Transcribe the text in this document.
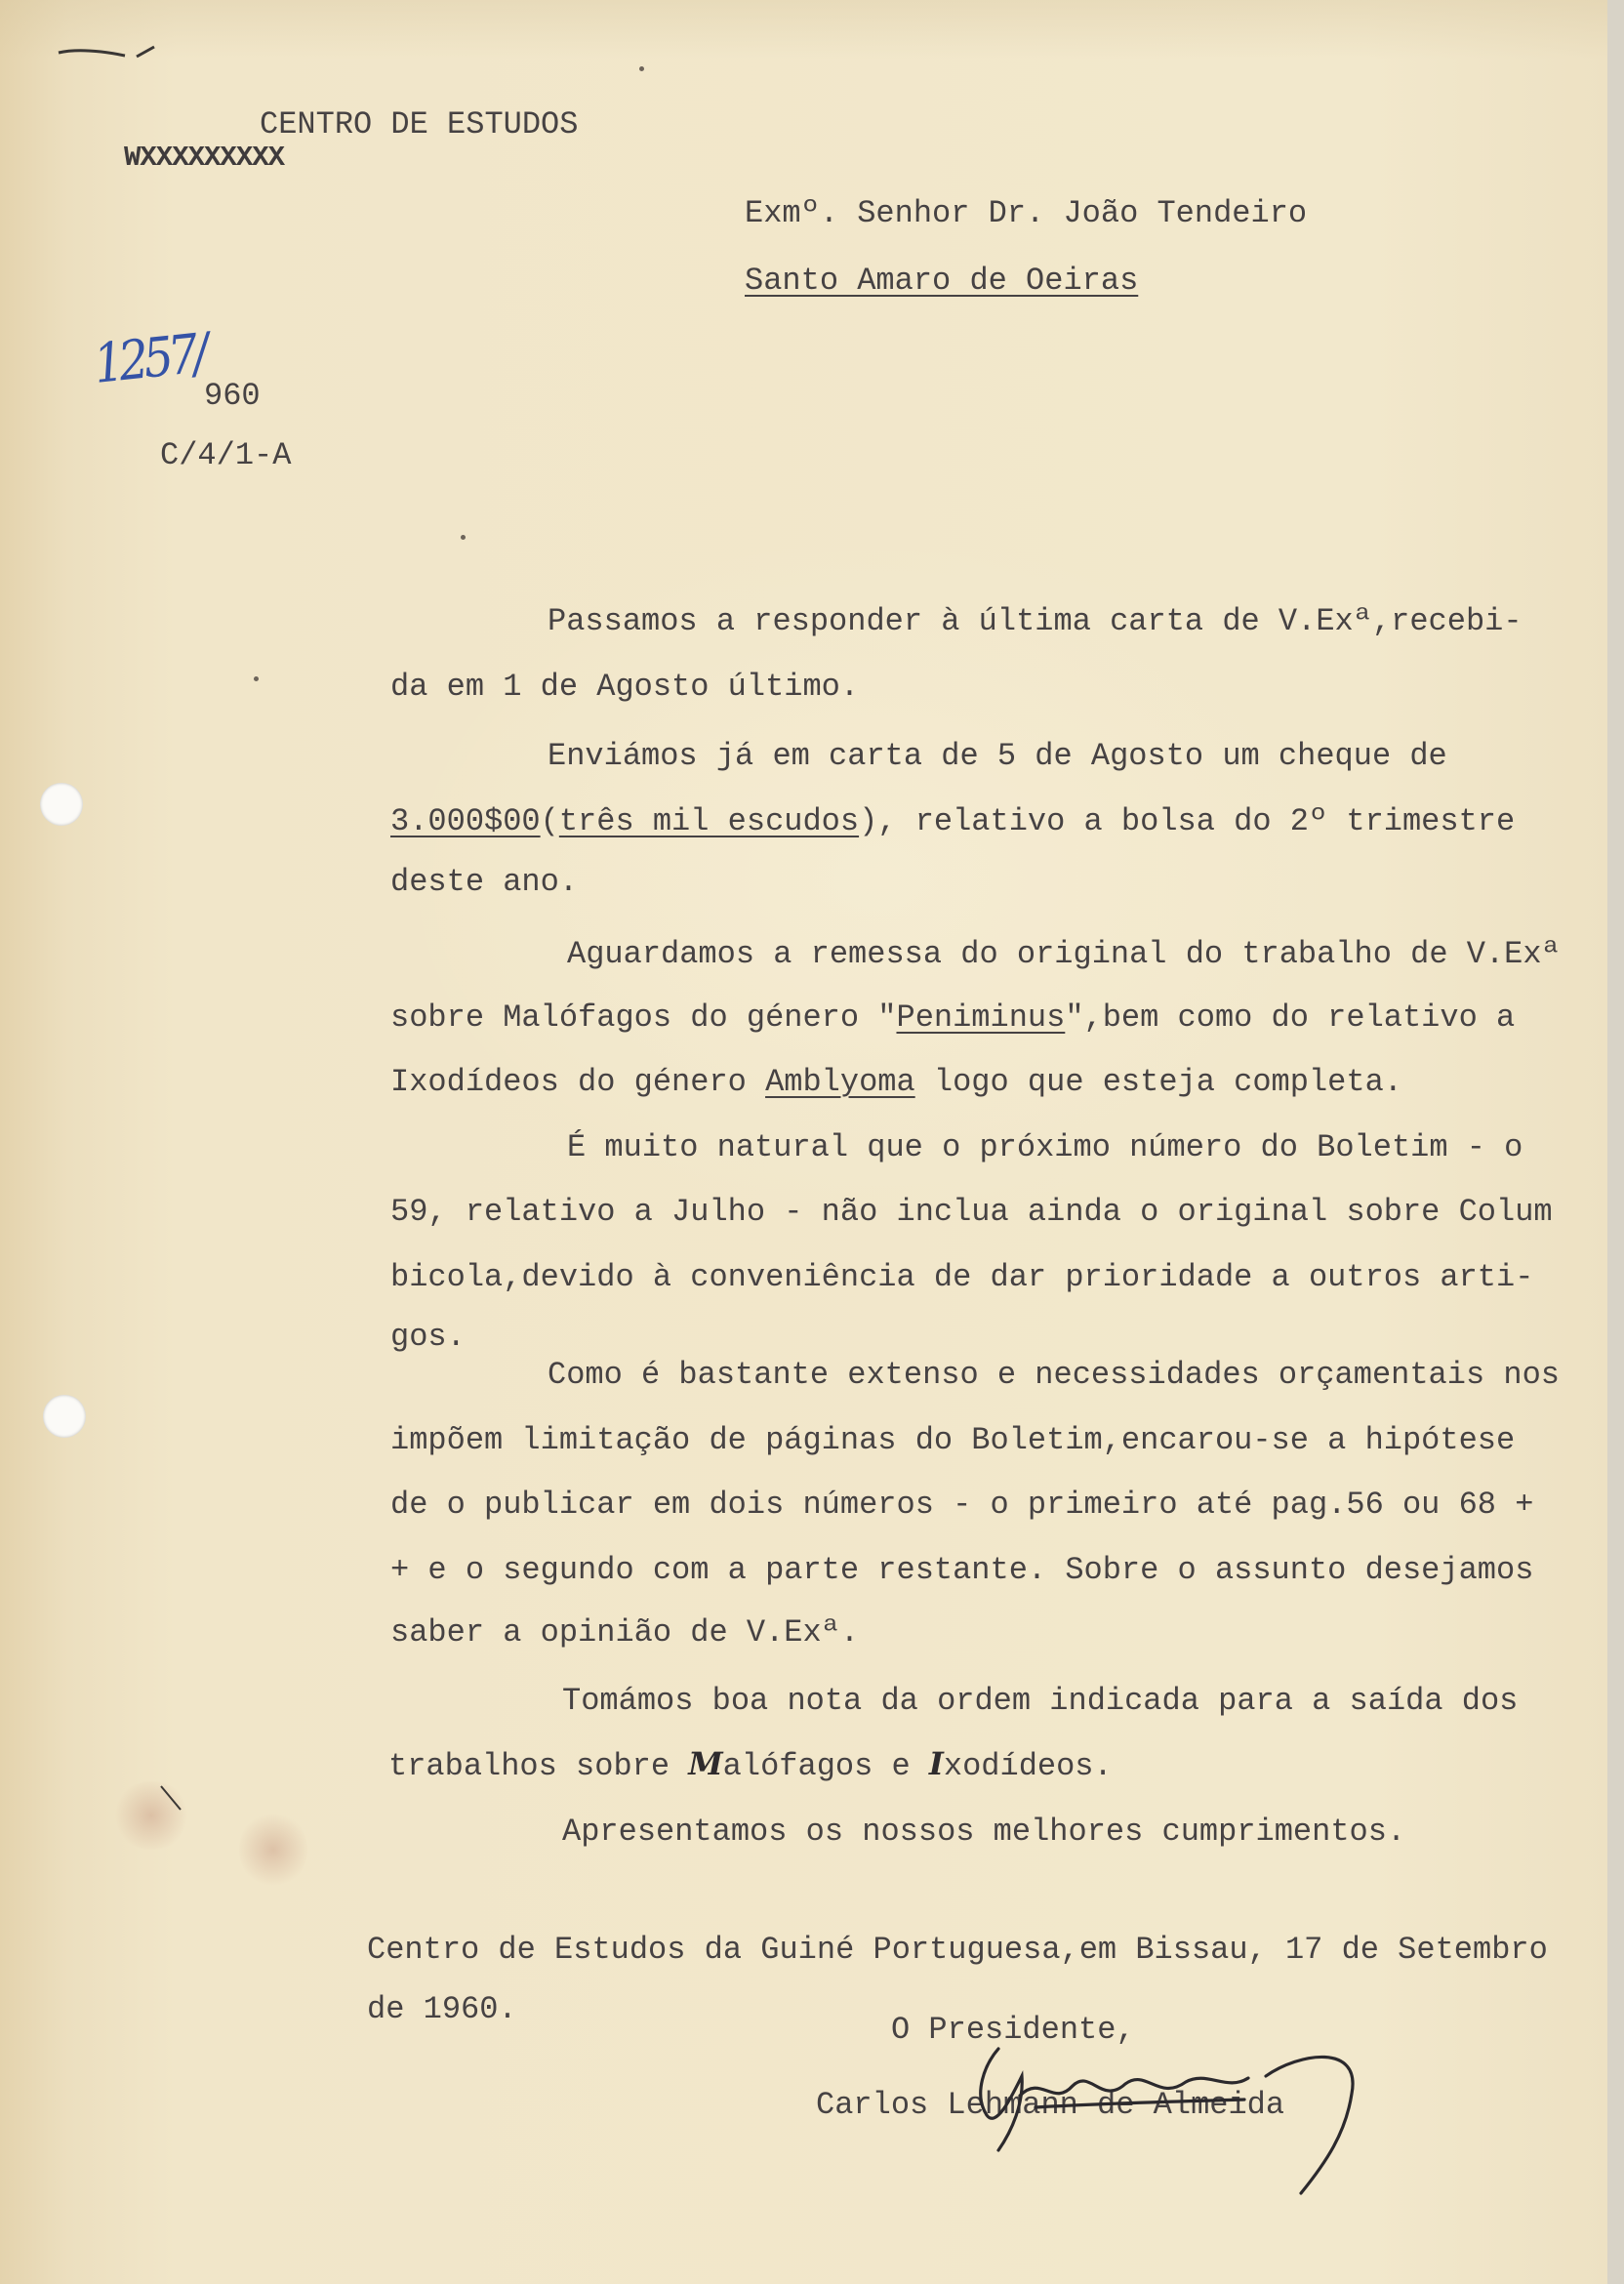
CENTRO DE ESTUDOS
WXXXXXXXXX
Exmº. Senhor Dr. João Tendeiro
Santo Amaro de Oeiras
1257/
960
C/4/1-A
Passamos a responder à última carta de V.Exª,recebi-
da em 1 de Agosto último.
Enviámos já em carta de 5 de Agosto um cheque de
3.000$00(três mil escudos), relativo a bolsa do 2º trimestre
deste ano.
Aguardamos a remessa do original do trabalho de V.Exª
sobre Malófagos do género "Peniminus",bem como do relativo a
Ixodídeos do género Amblyoma logo que esteja completa.
É muito natural que o próximo número do Boletim - o
59, relativo a Julho - não inclua ainda o original sobre Colum
bicola,devido à conveniência de dar prioridade a outros arti-
gos.
Como é bastante extenso e necessidades orçamentais nos
impõem limitação de páginas do Boletim,encarou-se a hipótese
de o publicar em dois números - o primeiro até pag.56 ou 68 +
+ e o segundo com a parte restante. Sobre o assunto desejamos
saber a opinião de V.Exª.
Tomámos boa nota da ordem indicada para a saída dos
trabalhos sobre Malófagos e Ixodídeos.
Apresentamos os nossos melhores cumprimentos.
Centro de Estudos da Guiné Portuguesa,em Bissau, 17 de Setembro
de 1960.
O Presidente,
Carlos Lehmann de Almeida
